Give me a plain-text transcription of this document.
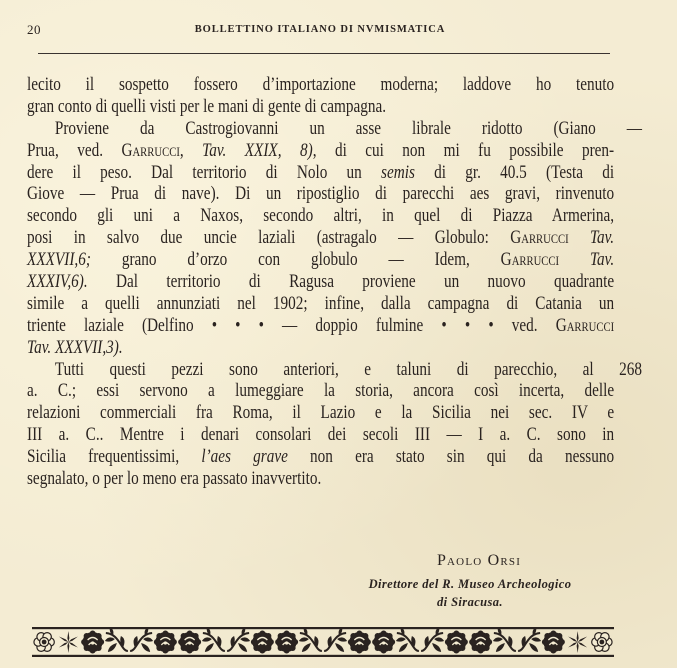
20	BOLLETTINO ITALIANO DI NVMISMATICA
lecito il sospetto fossero d’importazione moderna; laddove ho tenuto
gran conto di quelli visti per le mani di gente di campagna.
Proviene da Castrogiovanni un asse librale ridotto (Giano —
Prua, ved. Garrucci, Tav. XXIX, 8), di cui non mi fu possibile pren-
dere il peso. Dal territorio di Nolo un semis di gr. 40.5 (Testa di
Giove — Prua di nave). Di un ripostiglio di parecchi aes gravi, rinvenuto
secondo gli uni a Naxos, secondo altri, in quel di Piazza Armerina,
posi in salvo due uncie laziali (astragalo — Globulo: Garrucci Tav.
XXXVII,6; grano d’orzo con globulo — Idem, Garrucci Tav.
XXXIV,6). Dal territorio di Ragusa proviene un nuovo quadrante
simile a quelli annunziati nel 1902; infine, dalla campagna di Catania un
triente laziale (Delfino • • • — doppio fulmine • • • ved. Garrucci
Tav. XXXVII,3).
Tutti questi pezzi sono anteriori, e taluni di parecchio, al 268
a. C.; essi servono a lumeggiare la storia, ancora così incerta, delle
relazioni commerciali fra Roma, il Lazio e la Sicilia nei sec. IV e
III a. C.. Mentre i denari consolari dei secoli III — I a. C. sono in
Sicilia frequentissimi, l’aes grave non era stato sin qui da nessuno
segnalato, o per lo meno era passato inavvertito.
Paolo Orsi
Direttore del R. Museo Archeologico
di Siracusa.
